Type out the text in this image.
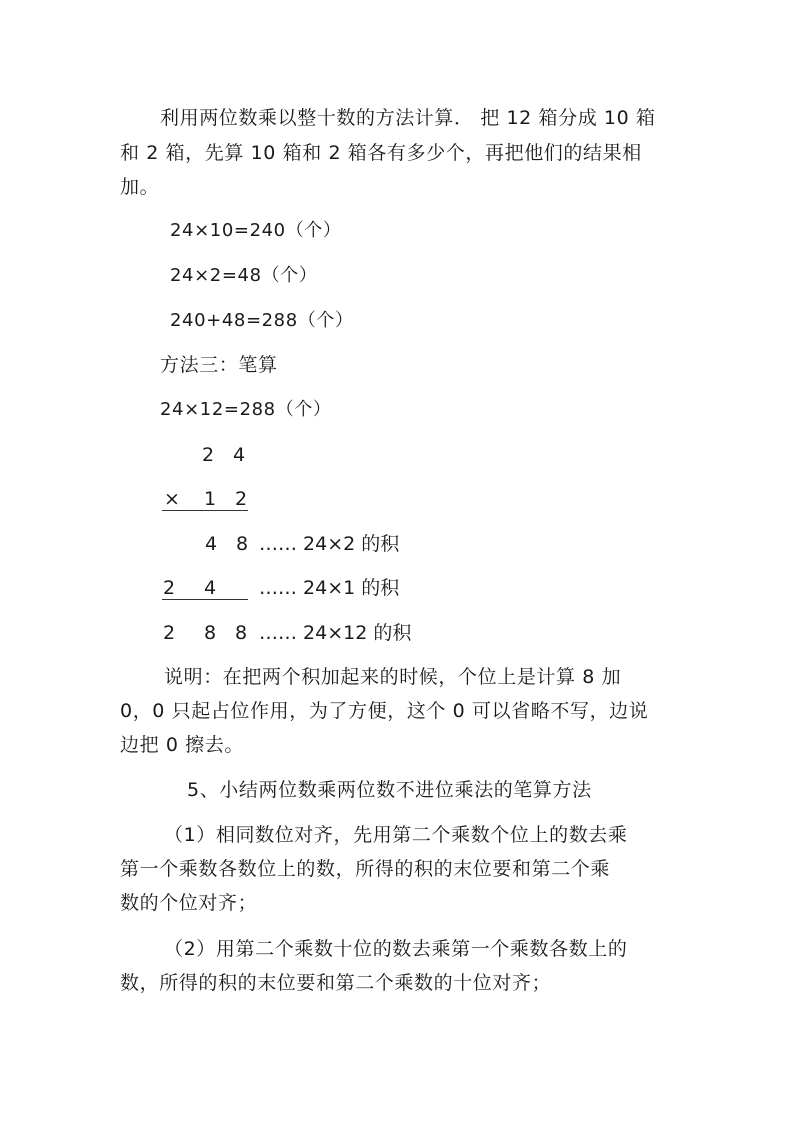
利用两位数乘以整十数的方法计算． 把 12 箱分成 10 箱
和 2 箱，先算 10 箱和 2 箱各有多少个，再把他们的结果相
加。
24×10=240（个）
24×2=48（个）
240+48=288（个）
方法三：笔算
24×12=288（个）
2 4
× 1 2
4 8 …… 24×2 的积
2 4 …… 24×1 的积
2 8 8 …… 24×12 的积
说明：在把两个积加起来的时候，个位上是计算 8 加
0，0 只起占位作用，为了方便，这个 0 可以省略不写，边说
边把 0 擦去。
5、小结两位数乘两位数不进位乘法的笔算方法
（1）相同数位对齐，先用第二个乘数个位上的数去乘
第一个乘数各数位上的数，所得的积的末位要和第二个乘
数的个位对齐；
（2）用第二个乘数十位的数去乘第一个乘数各数上的
数，所得的积的末位要和第二个乘数的十位对齐；
